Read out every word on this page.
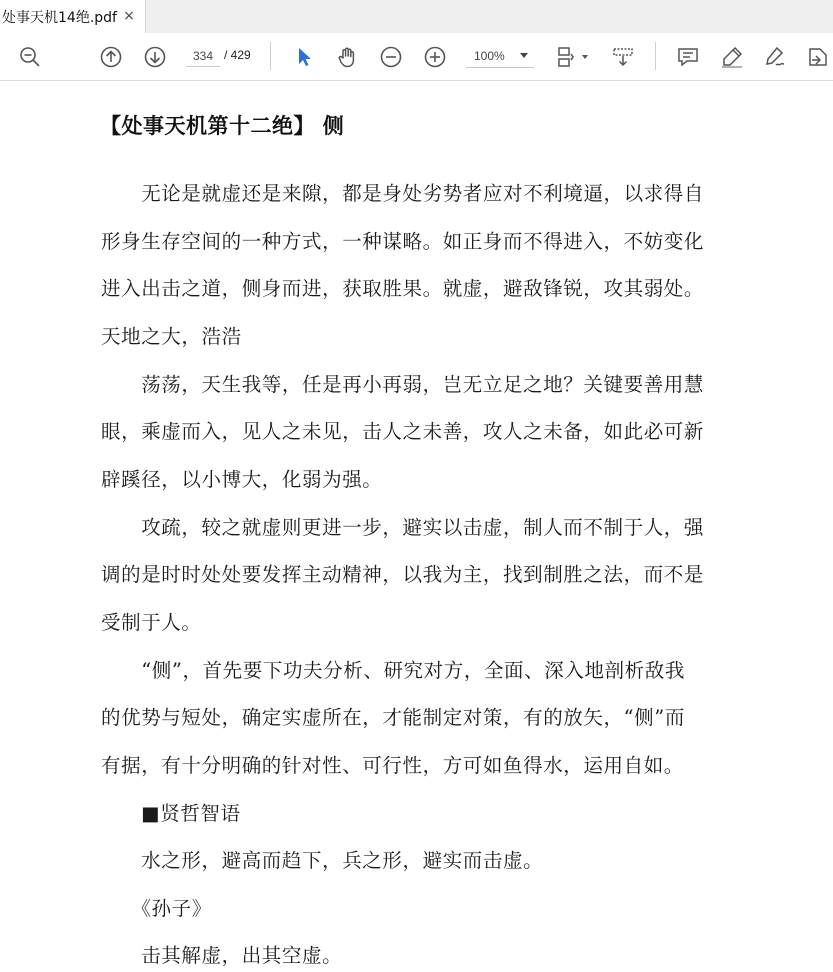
处事天机14绝.pdf ×
334
/ 429	100%
【处事天机第十二绝】 侧
　　无论是就虚还是来隙，都是身处劣势者应对不利境逼，以求得自
形身生存空间的一种方式，一种谋略。如正身而不得进入，不妨变化
进入出击之道，侧身而进，获取胜果。就虚，避敌锋锐，攻其弱处。
天地之大，浩浩
　　荡荡，天生我等，任是再小再弱，岂无立足之地？关键要善用慧
眼，乘虚而入，见人之未见，击人之未善，攻人之未备，如此必可新
辟蹊径，以小博大，化弱为强。
　　攻疏，较之就虚则更进一步，避实以击虚，制人而不制于人，强
调的是时时处处要发挥主动精神，以我为主，找到制胜之法，而不是
受制于人。
　　“侧”，首先要下功夫分析、研究对方，全面、深入地剖析敌我
的优势与短处，确定实虚所在，才能制定对策，有的放矢，“侧”而
有据，有十分明确的针对性、可行性，方可如鱼得水，运用自如。
　　■贤哲智语
　　水之形，避高而趋下，兵之形，避实而击虚。
　　《孙子》
　　击其解虚，出其空虚。
